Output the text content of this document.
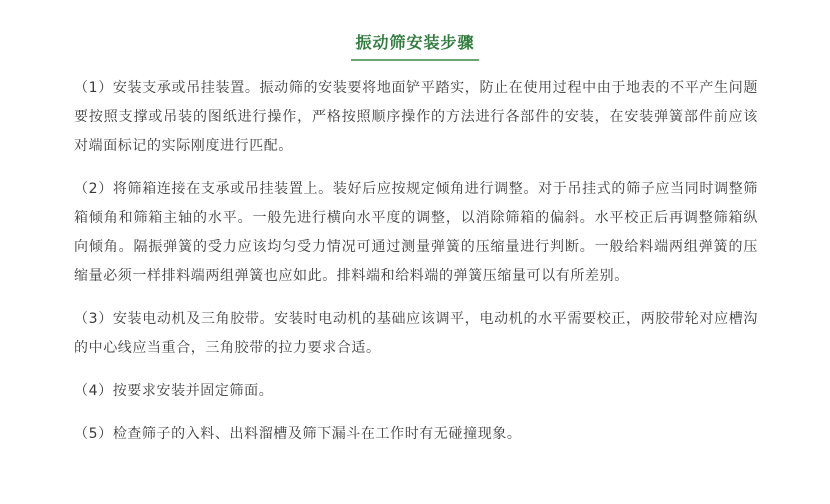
振动筛安装步骤

（1）安装支承或吊挂装置。振动筛的安装要将地面铲平踏实，防止在使用过程中由于地表的不平产生问题要按照支撑或吊装的图纸进行操作，严格按照顺序操作的方法进行各部件的安装，在安装弹簧部件前应该对端面标记的实际刚度进行匹配。

（2）将筛箱连接在支承或吊挂装置上。装好后应按规定倾角进行调整。对于吊挂式的筛子应当同时调整筛箱倾角和筛箱主轴的水平。一般先进行横向水平度的调整，以消除筛箱的偏斜。水平校正后再调整筛箱纵向倾角。隔振弹簧的受力应该均匀受力情况可通过测量弹簧的压缩量进行判断。一般给料端两组弹簧的压缩量必须一样排料端两组弹簧也应如此。排料端和给料端的弹簧压缩量可以有所差别。

（3）安装电动机及三角胶带。安装时电动机的基础应该调平，电动机的水平需要校正，两胶带轮对应槽沟的中心线应当重合，三角胶带的拉力要求合适。

（4）按要求安装并固定筛面。

（5）检查筛子的入料、出料溜槽及筛下漏斗在工作时有无碰撞现象。
